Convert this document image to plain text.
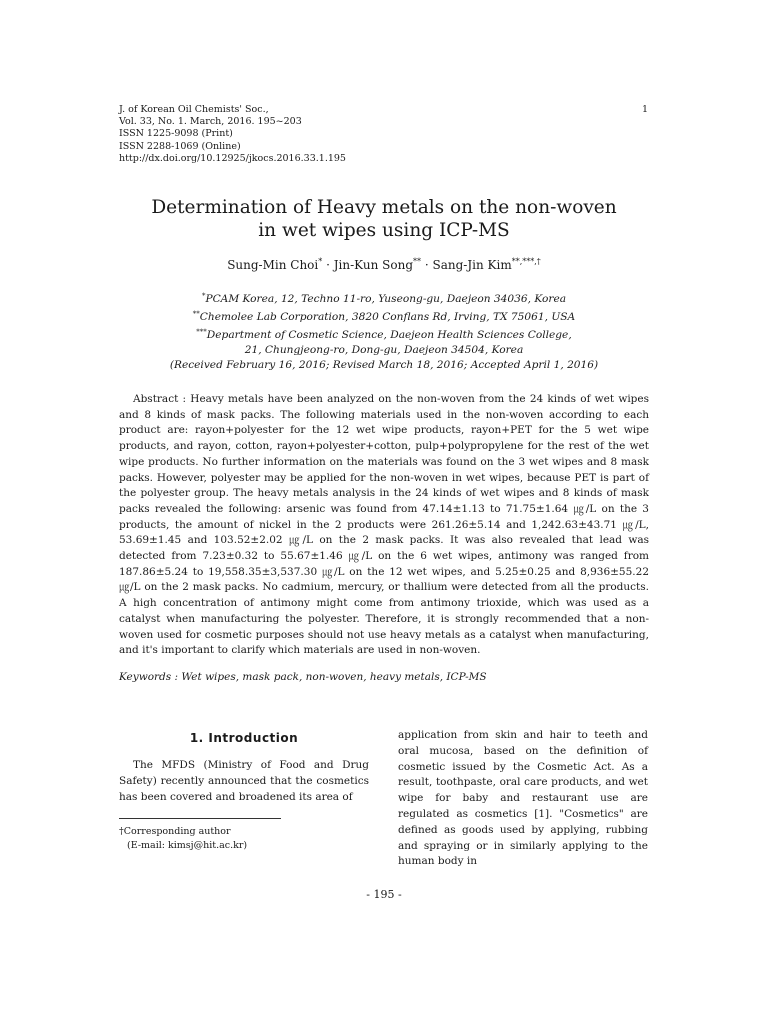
J. of Korean Oil Chemists' Soc.,
Vol. 33, No. 1. March, 2016. 195~203
ISSN 1225-9098 (Print)
ISSN 2288-1069 (Online)
http://dx.doi.org/10.12925/jkocs.2016.33.1.195
1
Determination of Heavy metals on the non-woven
in wet wipes using ICP-MS
Sung-Min Choi* · Jin-Kun Song** · Sang-Jin Kim**,***,†
*PCAM Korea, 12, Techno 11-ro, Yuseong-gu, Daejeon 34036, Korea
**Chemolee Lab Corporation, 3820 Conflans Rd, Irving, TX 75061, USA
***Department of Cosmetic Science, Daejeon Health Sciences College,
21, Chungjeong-ro, Dong-gu, Daejeon 34504, Korea
(Received February 16, 2016; Revised March 18, 2016; Accepted April 1, 2016)
Abstract : Heavy metals have been analyzed on the non-woven from the 24 kinds of wet wipes and 8 kinds of mask packs. The following materials used in the non-woven according to each product are: rayon+polyester for the 12 wet wipe products, rayon+PET for the 5 wet wipe products, and rayon, cotton, rayon+polyester+cotton, pulp+polypropylene for the rest of the wet wipe products. No further information on the materials was found on the 3 wet wipes and 8 mask packs. However, polyester may be applied for the non-woven in wet wipes, because PET is part of the polyester group. The heavy metals analysis in the 24 kinds of wet wipes and 8 kinds of mask packs revealed the following: arsenic was found from 47.14±1.13 to 71.75±1.64 ㎍/L on the 3 products, the amount of nickel in the 2 products were 261.26±5.14 and 1,242.63±43.71 ㎍/L, 53.69±1.45 and 103.52±2.02 ㎍/L on the 2 mask packs. It was also revealed that lead was detected from 7.23±0.32 to 55.67±1.46 ㎍/L on the 6 wet wipes, antimony was ranged from 187.86±5.24 to 19,558.35±3,537.30 ㎍/L on the 12 wet wipes, and 5.25±0.25 and 8,936±55.22 ㎍/L on the 2 mask packs. No cadmium, mercury, or thallium were detected from all the products. A high concentration of antimony might come from antimony trioxide, which was used as a catalyst when manufacturing the polyester. Therefore, it is strongly recommended that a non-woven used for cosmetic purposes should not use heavy metals as a catalyst when manufacturing, and it's important to clarify which materials are used in non-woven.
Keywords : Wet wipes, mask pack, non-woven, heavy metals, ICP-MS
1. Introduction
The MFDS (Ministry of Food and Drug Safety) recently announced that the cosmetics has been covered and broadened its area of
application from skin and hair to teeth and oral mucosa, based on the definition of cosmetic issued by the Cosmetic Act. As a result, toothpaste, oral care products, and wet wipe for baby and restaurant use are regulated as cosmetics [1]. "Cosmetics" are defined as goods used by applying, rubbing and spraying or in similarly applying to the human body in
†Corresponding author
(E-mail: kimsj@hit.ac.kr)
- 195 -
